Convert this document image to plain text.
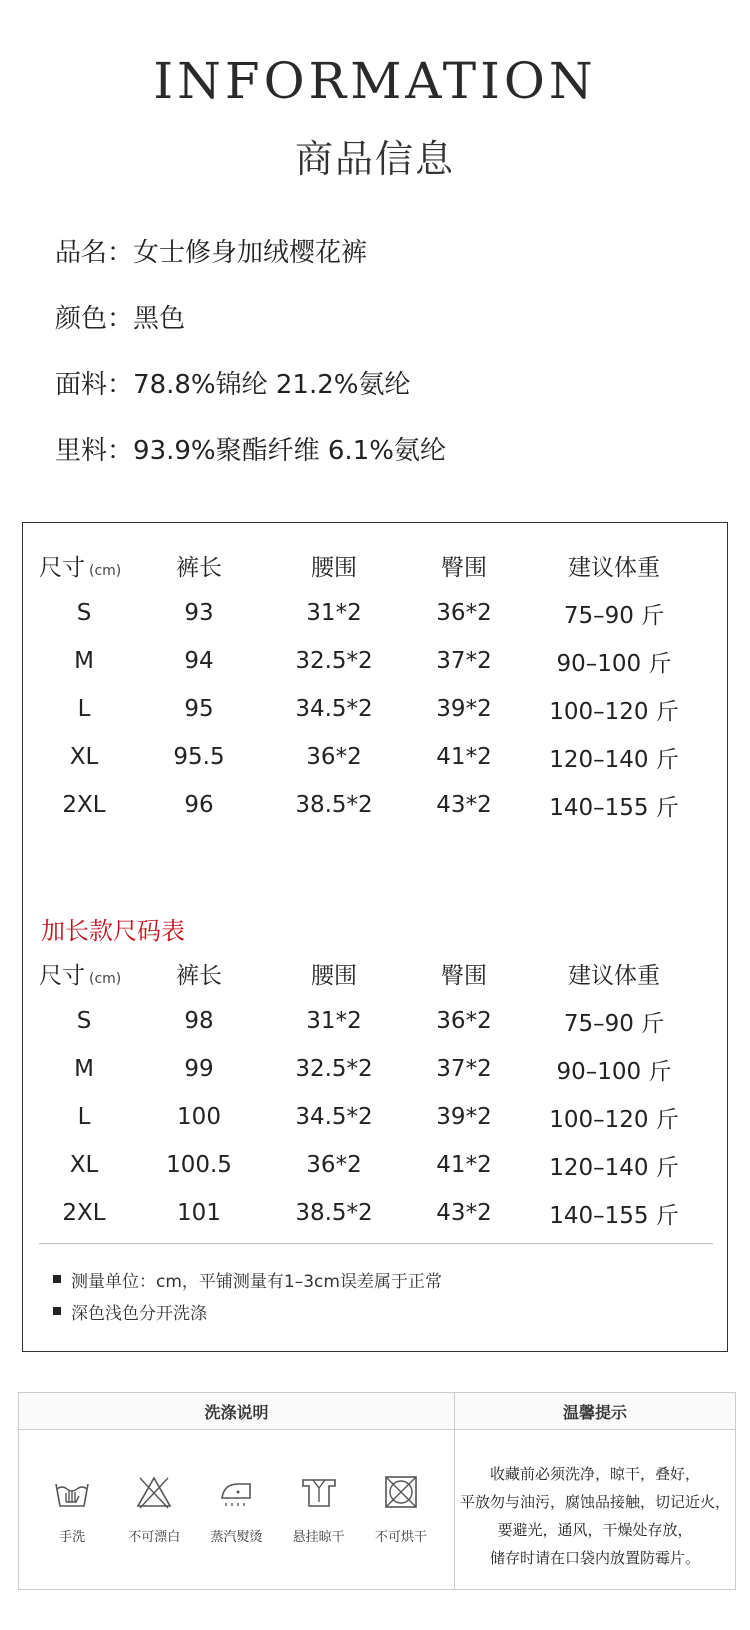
INFORMATION
商品信息
品名 ： 女士修身加绒樱花裤
颜色 ： 黑色
面料 ： 78.8%锦纶 21.2%氨纶
里料 ： 93.9%聚酯纤维 6.1%氨纶
尺寸 (cm)	裤长	腰围	臀围	建议体重
S	93	31*2	36*2	75–90 斤
M	94	32.5*2	37*2	90–100 斤
L	95	34.5*2	39*2	100–120 斤
XL	95.5	36*2	41*2	120–140 斤
2XL	96	38.5*2	43*2	140–155 斤
加长款尺码表
尺寸 (cm)	裤长	腰围	臀围	建议体重
S	98	31*2	36*2	75–90 斤
M	99	32.5*2	37*2	90–100 斤
L	100	34.5*2	39*2	100–120 斤
XL	100.5	36*2	41*2	120–140 斤
2XL	101	38.5*2	43*2	140–155 斤
测量单位：cm，平铺测量有1–3cm误差属于正常
深色浅色分开洗涤
洗涤说明
手洗	不可漂白	蒸汽熨烫	悬挂晾干	不可烘干
温馨提示
收藏前必须洗净，晾干，叠好，
平放勿与油污，腐蚀品接触，切记近火，
要避光，通风，干燥处存放，
储存时请在口袋内放置防霉片。
